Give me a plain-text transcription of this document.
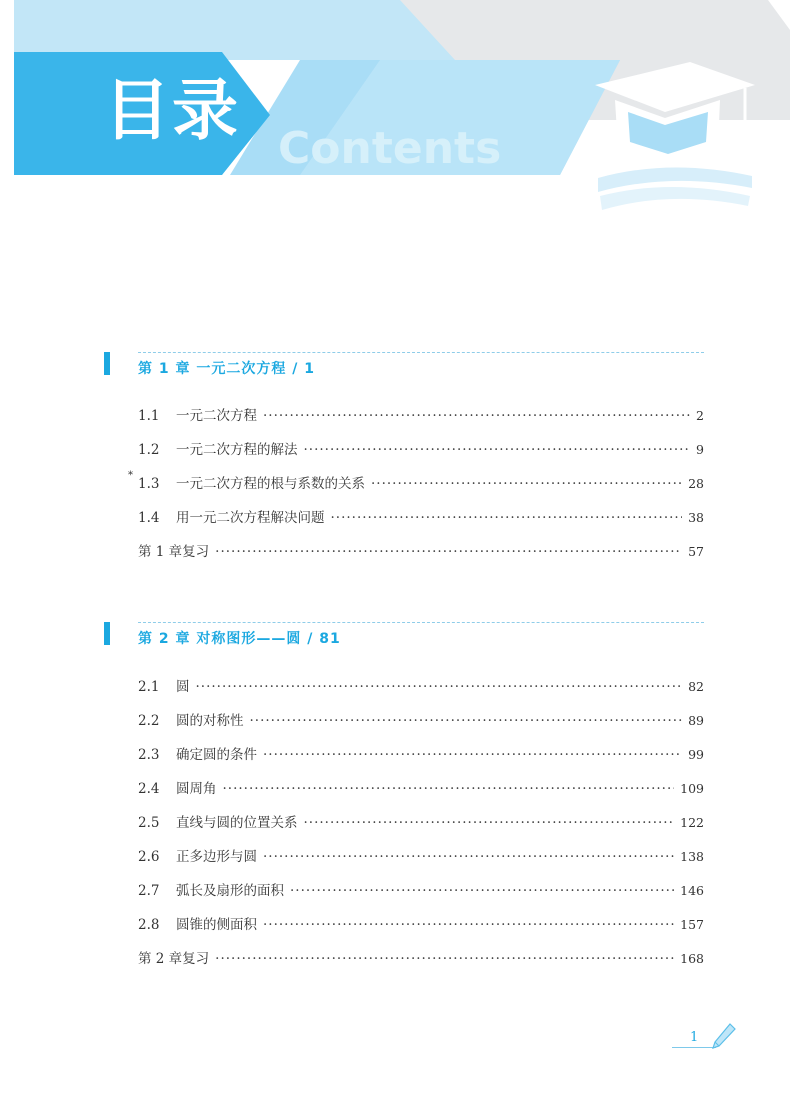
目录 Contents
第 1 章 一元二次方程 / 1
1.1	一元二次方程 ·····	2
1.2	一元二次方程的解法 ·····	9
*
1.3	一元二次方程的根与系数的关系 ·····	28
1.4	用一元二次方程解决问题 ·····	38
第 1 章复习 ·····	57
第 2 章 对称图形——圆 / 81
2.1	圆 ·····	82
2.2	圆的对称性 ·····	89
2.3	确定圆的条件 ·····	99
2.4	圆周角 ·····	109
2.5	直线与圆的位置关系 ·····	122
2.6	正多边形与圆 ·····	138
2.7	弧长及扇形的面积 ·····	146
2.8	圆锥的侧面积 ·····	157
第 2 章复习 ·····	168
1
